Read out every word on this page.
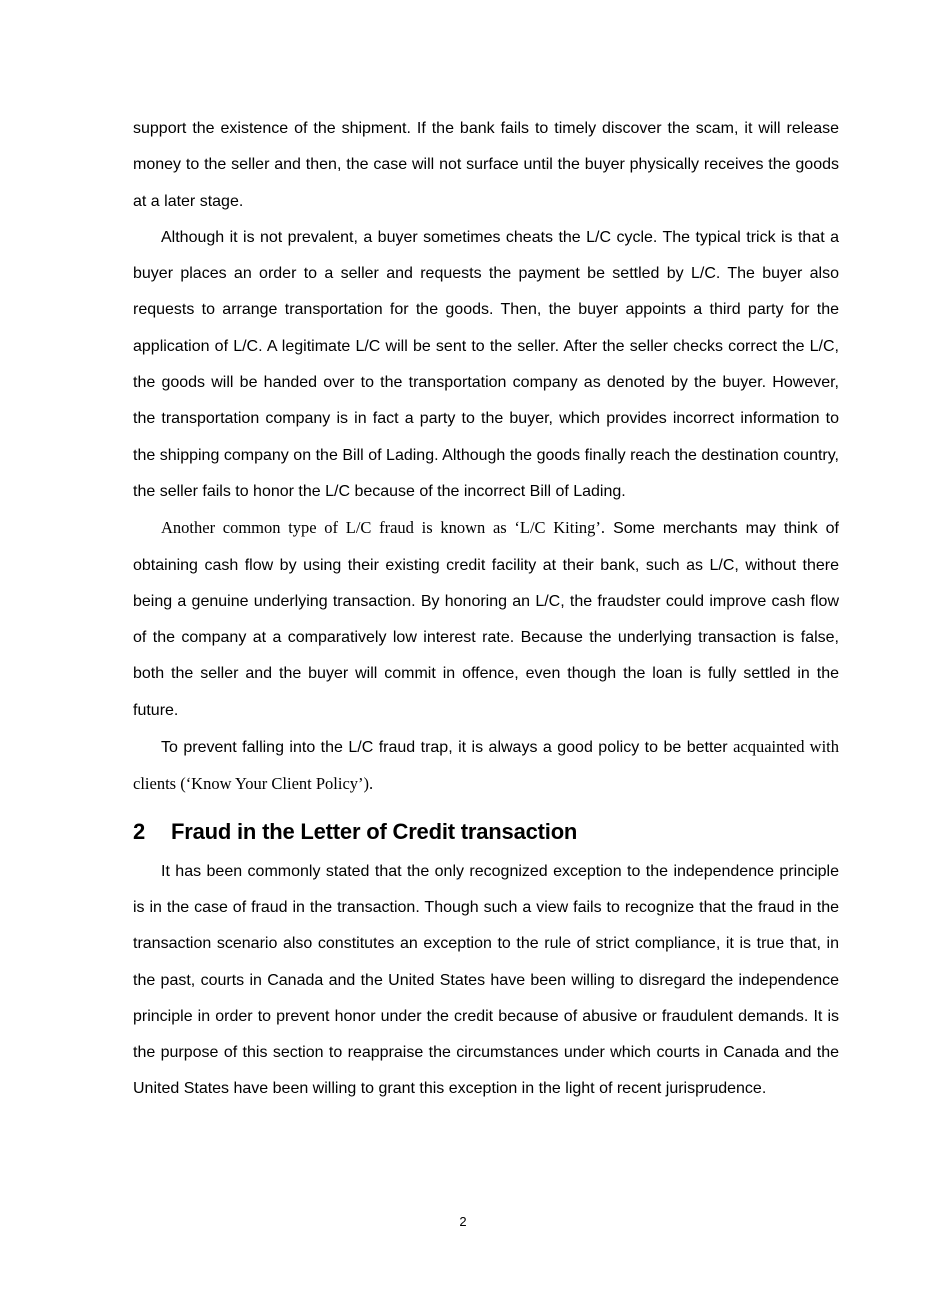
support the existence of the shipment. If the bank fails to timely discover the scam, it will release money to the seller and then, the case will not surface until the buyer physically receives the goods at a later stage.

Although it is not prevalent, a buyer sometimes cheats the L/C cycle. The typical trick is that a buyer places an order to a seller and requests the payment be settled by L/C. The buyer also requests to arrange transportation for the goods. Then, the buyer appoints a third party for the application of L/C. A legitimate L/C will be sent to the seller. After the seller checks correct the L/C, the goods will be handed over to the transportation company as denoted by the buyer. However, the transportation company is in fact a party to the buyer, which provides incorrect information to the shipping company on the Bill of Lading. Although the goods finally reach the destination country, the seller fails to honor the L/C because of the incorrect Bill of Lading.

Another common type of L/C fraud is known as ‘L/C Kiting’. Some merchants may think of obtaining cash flow by using their existing credit facility at their bank, such as L/C, without there being a genuine underlying transaction. By honoring an L/C, the fraudster could improve cash flow of the company at a comparatively low interest rate. Because the underlying transaction is false, both the seller and the buyer will commit in offence, even though the loan is fully settled in the future.

To prevent falling into the L/C fraud trap, it is always a good policy to be better acquainted with clients (‘Know Your Client Policy’).

2 Fraud in the Letter of Credit transaction

It has been commonly stated that the only recognized exception to the independence principle is in the case of fraud in the transaction. Though such a view fails to recognize that the fraud in the transaction scenario also constitutes an exception to the rule of strict compliance, it is true that, in the past, courts in Canada and the United States have been willing to disregard the independence principle in order to prevent honor under the credit because of abusive or fraudulent demands. It is the purpose of this section to reappraise the circumstances under which courts in Canada and the United States have been willing to grant this exception in the light of recent jurisprudence.

2
